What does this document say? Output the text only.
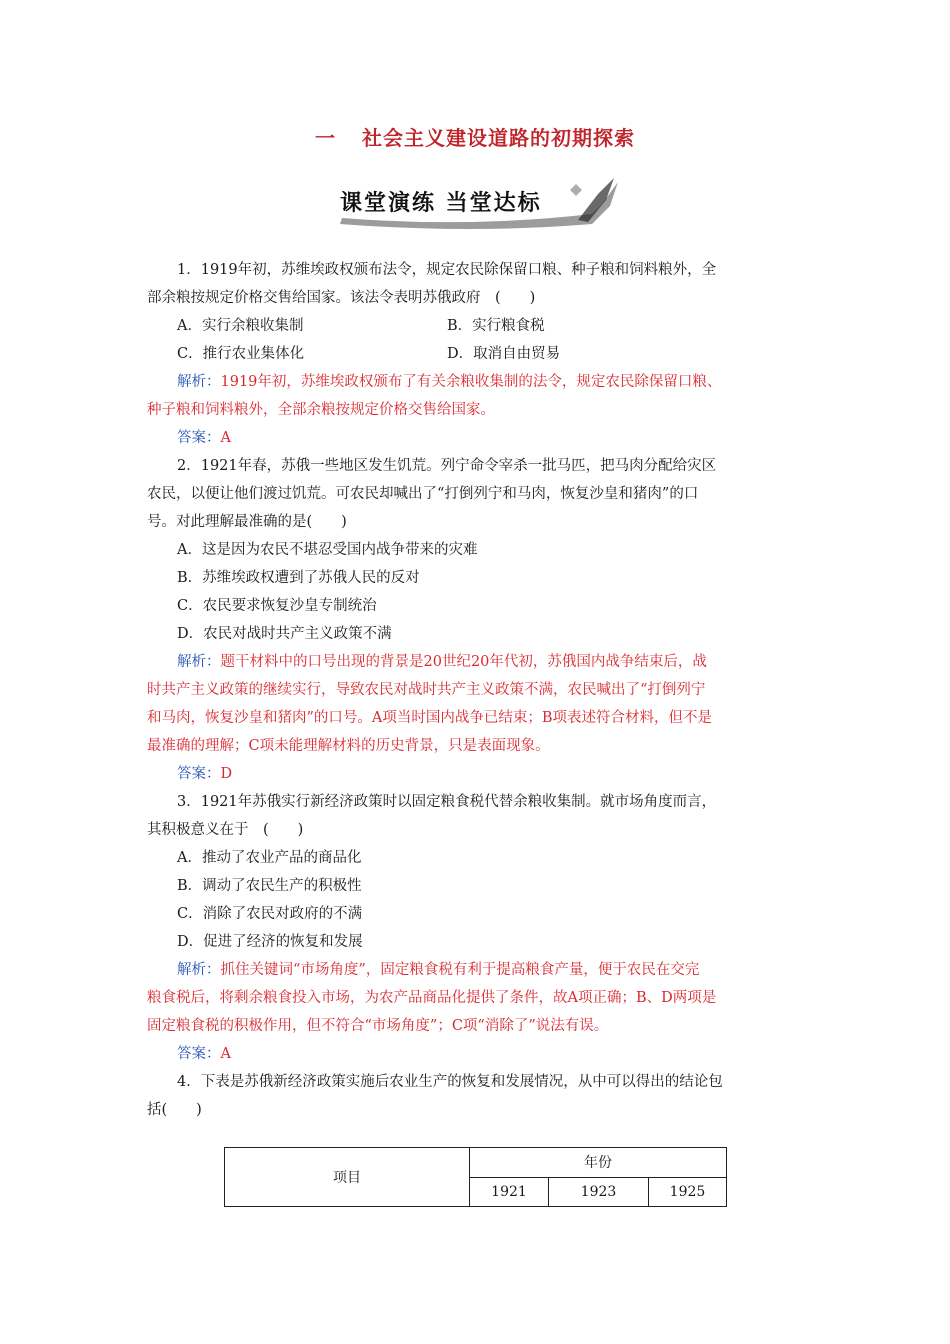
一 社会主义建设道路的初期探索
课堂演练 当堂达标
1．1919年初，苏维埃政权颁布法令，规定农民除保留口粮、种子粮和饲料粮外，全
部余粮按规定价格交售给国家。该法令表明苏俄政府　(　　)
A．实行余粮收集制	B．实行粮食税
C．推行农业集体化	D．取消自由贸易
解析：1919年初，苏维埃政权颁布了有关余粮收集制的法令，规定农民除保留口粮、
种子粮和饲料粮外，全部余粮按规定价格交售给国家。
答案：A
2．1921年春，苏俄一些地区发生饥荒。列宁命令宰杀一批马匹，把马肉分配给灾区
农民，以便让他们渡过饥荒。可农民却喊出了“打倒列宁和马肉，恢复沙皇和猪肉”的口
号。对此理解最准确的是(　　)
A．这是因为农民不堪忍受国内战争带来的灾难
B．苏维埃政权遭到了苏俄人民的反对
C．农民要求恢复沙皇专制统治
D．农民对战时共产主义政策不满
解析：题干材料中的口号出现的背景是20世纪20年代初，苏俄国内战争结束后，战
时共产主义政策的继续实行，导致农民对战时共产主义政策不满，农民喊出了“打倒列宁
和马肉，恢复沙皇和猪肉”的口号。A项当时国内战争已结束；B项表述符合材料，但不是
最准确的理解；C项未能理解材料的历史背景，只是表面现象。
答案：D
3．1921年苏俄实行新经济政策时以固定粮食税代替余粮收集制。就市场角度而言，
其积极意义在于　(　　)
A．推动了农业产品的商品化
B．调动了农民生产的积极性
C．消除了农民对政府的不满
D．促进了经济的恢复和发展
解析：抓住关键词“市场角度”，固定粮食税有利于提高粮食产量，便于农民在交完
粮食税后，将剩余粮食投入市场，为农产品商品化提供了条件，故A项正确；B、D两项是
固定粮食税的积极作用，但不符合“市场角度”；C项“消除了”说法有误。
答案：A
4．下表是苏俄新经济政策实施后农业生产的恢复和发展情况，从中可以得出的结论包
括(　　)
项目	年份		
	1921	1923	1925
